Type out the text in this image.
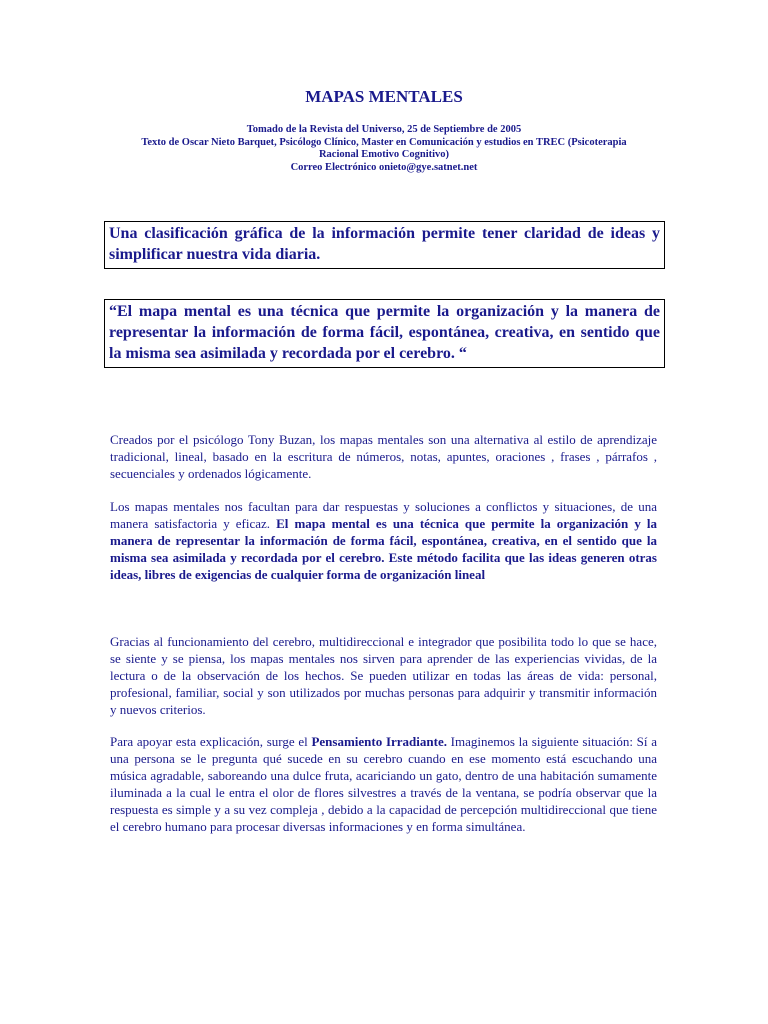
MAPAS MENTALES
Tomado de la Revista del Universo, 25 de Septiembre de 2005
Texto de Oscar Nieto Barquet, Psicólogo Clínico, Master en Comunicación y estudios en TREC (Psicoterapia
Racional Emotivo Cognitivo)
Correo Electrónico onieto@gye.satnet.net
Una clasificación gráfica de la información permite tener claridad de ideas y simplificar nuestra vida diaria.
“El mapa mental es una técnica que permite la organización y la manera de representar la información de forma fácil, espontánea, creativa, en sentido que la misma sea asimilada y recordada por el cerebro. “

Creados por el psicólogo Tony Buzan, los mapas mentales son una alternativa al estilo de aprendizaje tradicional, lineal, basado en la escritura de números, notas, apuntes, oraciones , frases , párrafos , secuenciales y ordenados lógicamente.

Los mapas mentales nos facultan para dar respuestas y soluciones a conflictos y situaciones, de una manera satisfactoria y eficaz. El mapa mental es una técnica que permite la organización y la manera de representar la información de forma fácil, espontánea, creativa, en el sentido que la misma sea asimilada y recordada por el cerebro. Este método facilita que las ideas generen otras ideas, libres de exigencias de cualquier forma de organización lineal

Gracias al funcionamiento del cerebro, multidireccional e integrador que posibilita todo lo que se hace, se siente y se piensa, los mapas mentales nos sirven para aprender de las experiencias vividas, de la lectura o de la observación de los hechos. Se pueden utilizar en todas las áreas de vida: personal, profesional, familiar, social y son utilizados por muchas personas para adquirir y transmitir información y nuevos criterios.

Para apoyar esta explicación, surge el Pensamiento Irradiante. Imaginemos la siguiente situación: Sí a una persona se le pregunta qué sucede en su cerebro cuando en ese momento está escuchando una música agradable, saboreando una dulce fruta, acariciando un gato, dentro de una habitación sumamente iluminada a la cual le entra el olor de flores silvestres a través de la ventana, se podría observar que la respuesta es simple y a su vez compleja , debido a la capacidad de percepción multidireccional que tiene el cerebro humano para procesar diversas informaciones y en forma simultánea.
